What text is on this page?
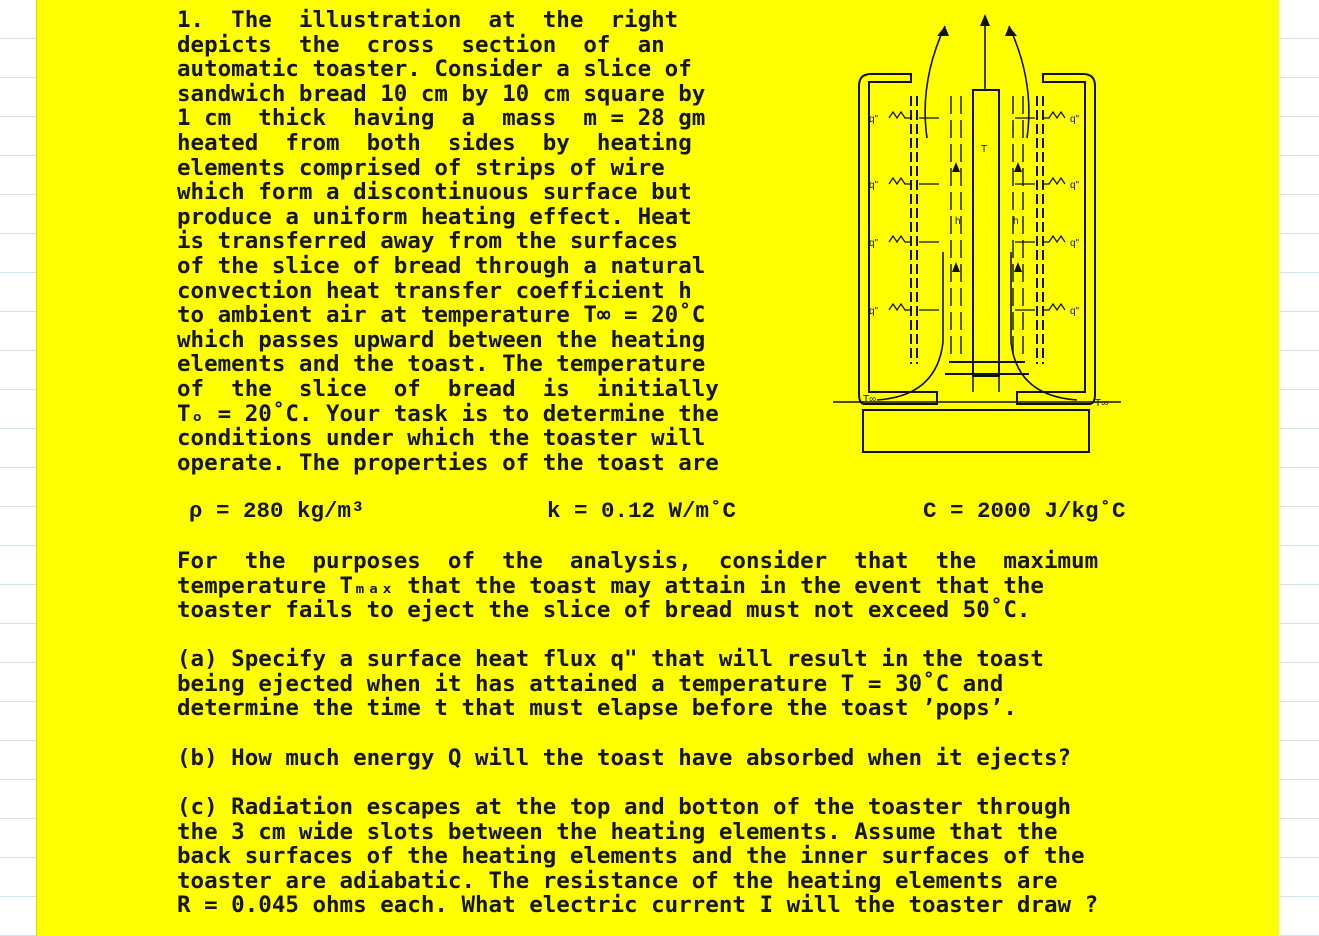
1.  The  illustration  at  the  right
depicts  the  cross  section  of  an
automatic toaster. Consider a slice of
sandwich bread 10 cm by 10 cm square by
1 cm  thick  having  a  mass  m = 28 gm
heated  from  both  sides  by  heating
elements comprised of strips of wire
which form a discontinuous surface but
produce a uniform heating effect. Heat
is transferred away from the surfaces
of the slice of bread through a natural
convection heat transfer coefficient h
to ambient air at temperature T∞ = 20˚C
which passes upward between the heating
elements and the toast. The temperature
of  the  slice  of  bread  is  initially
Tₒ = 20˚C. Your task is to determine the
conditions under which the toaster will
operate. The properties of the toast are
q"
q"
q"
q"
q"
q"
q"
q"
T
h	h
T∞	T∞
ρ = 280 kg/m³	k = 0.12 W/m˚C	C = 2000 J/kg˚C
For  the  purposes  of  the  analysis,  consider  that  the  maximum
temperature Tₘₐₓ that the toast may attain in the event that the
toaster fails to eject the slice of bread must not exceed 50˚C.
(a) Specify a surface heat flux q" that will result in the toast
being ejected when it has attained a temperature T = 30˚C and
determine the time t that must elapse before the toast ’pops’.
(b) How much energy Q will the toast have absorbed when it ejects?
(c) Radiation escapes at the top and botton of the toaster through
the 3 cm wide slots between the heating elements. Assume that the
back surfaces of the heating elements and the inner surfaces of the
toaster are adiabatic. The resistance of the heating elements are
R = 0.045 ohms each. What electric current I will the toaster draw ?
